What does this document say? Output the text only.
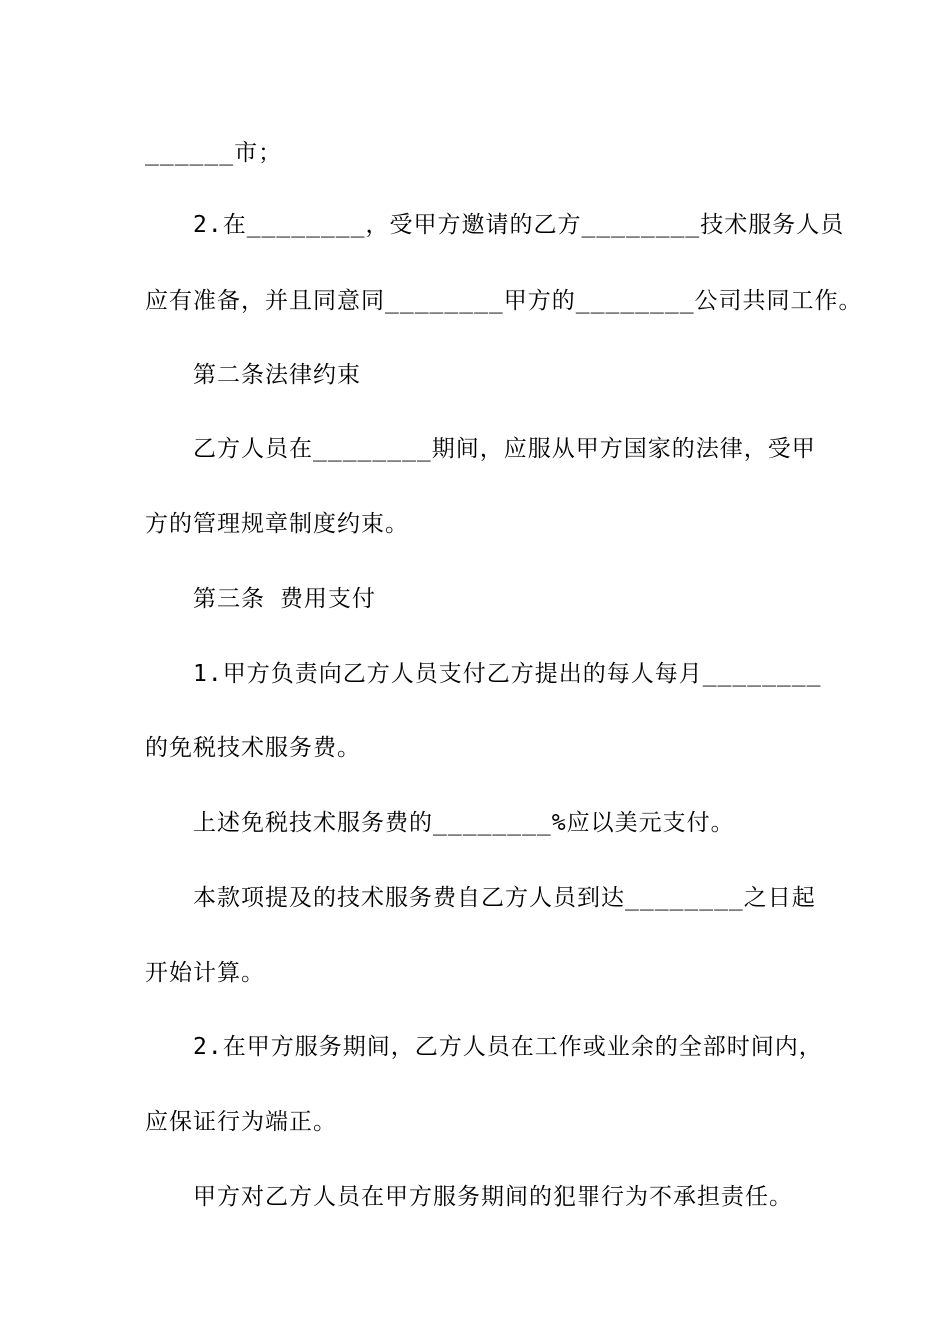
______市；
2.在________，受甲方邀请的乙方________技术服务人员
应有准备，并且同意同________甲方的________公司共同工作。
第二条法律约束
乙方人员在________期间，应服从甲方国家的法律，受甲
方的管理规章制度约束。
第三条 费用支付
1.甲方负责向乙方人员支付乙方提出的每人每月________
的免税技术服务费。
上述免税技术服务费的________%应以美元支付。
本款项提及的技术服务费自乙方人员到达________之日起
开始计算。
2.在甲方服务期间，乙方人员在工作或业余的全部时间内，
应保证行为端正。
甲方对乙方人员在甲方服务期间的犯罪行为不承担责任。
